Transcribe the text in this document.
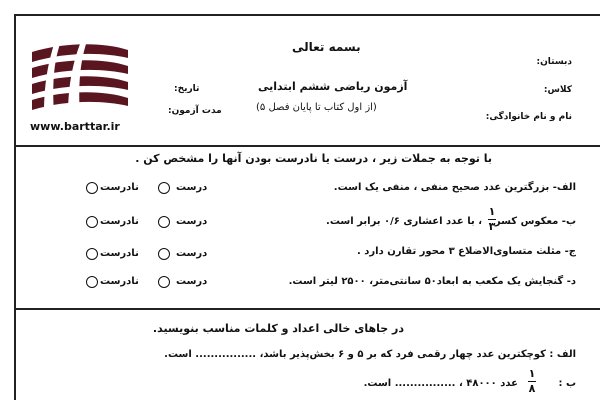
www.barttar.ir
بسمه تعالی
آزمون ریاضی ششم ابتدایی
(از اول کتاب تا پایان فصل ۵)
دبستان:
کلاس:
نام و نام خانوادگی:
تاریخ:
مدت آزمون:
با توجه به جملات زیر ، درست یا نادرست بودن آنها را مشخص کن .
الف- بزرگترین عدد صحیح منفی ، منفی یک است.
ب- معکوس کسر
۱
۳
، با عدد اعشاری ۰/۶ برابر است.
ج- مثلث متساوی‌الاضلاع ۳ محور تقارن دارد .
د- گنجایش یک مکعب به ابعاد۵۰ سانتی‌متر، ۲۵۰۰ لیتر است.
درست
نادرست
درست
نادرست
درست
نادرست
درست
نادرست
در جاهای خالی اعداد و کلمات مناسب بنویسید.
الف : کوچکترین عدد چهار رقمی فرد که بر ۵ و ۶ بخش‌پذیر باشد، ................ است.
ب :
۱
۸
عدد ۴۸۰۰۰ ، ................ است.
